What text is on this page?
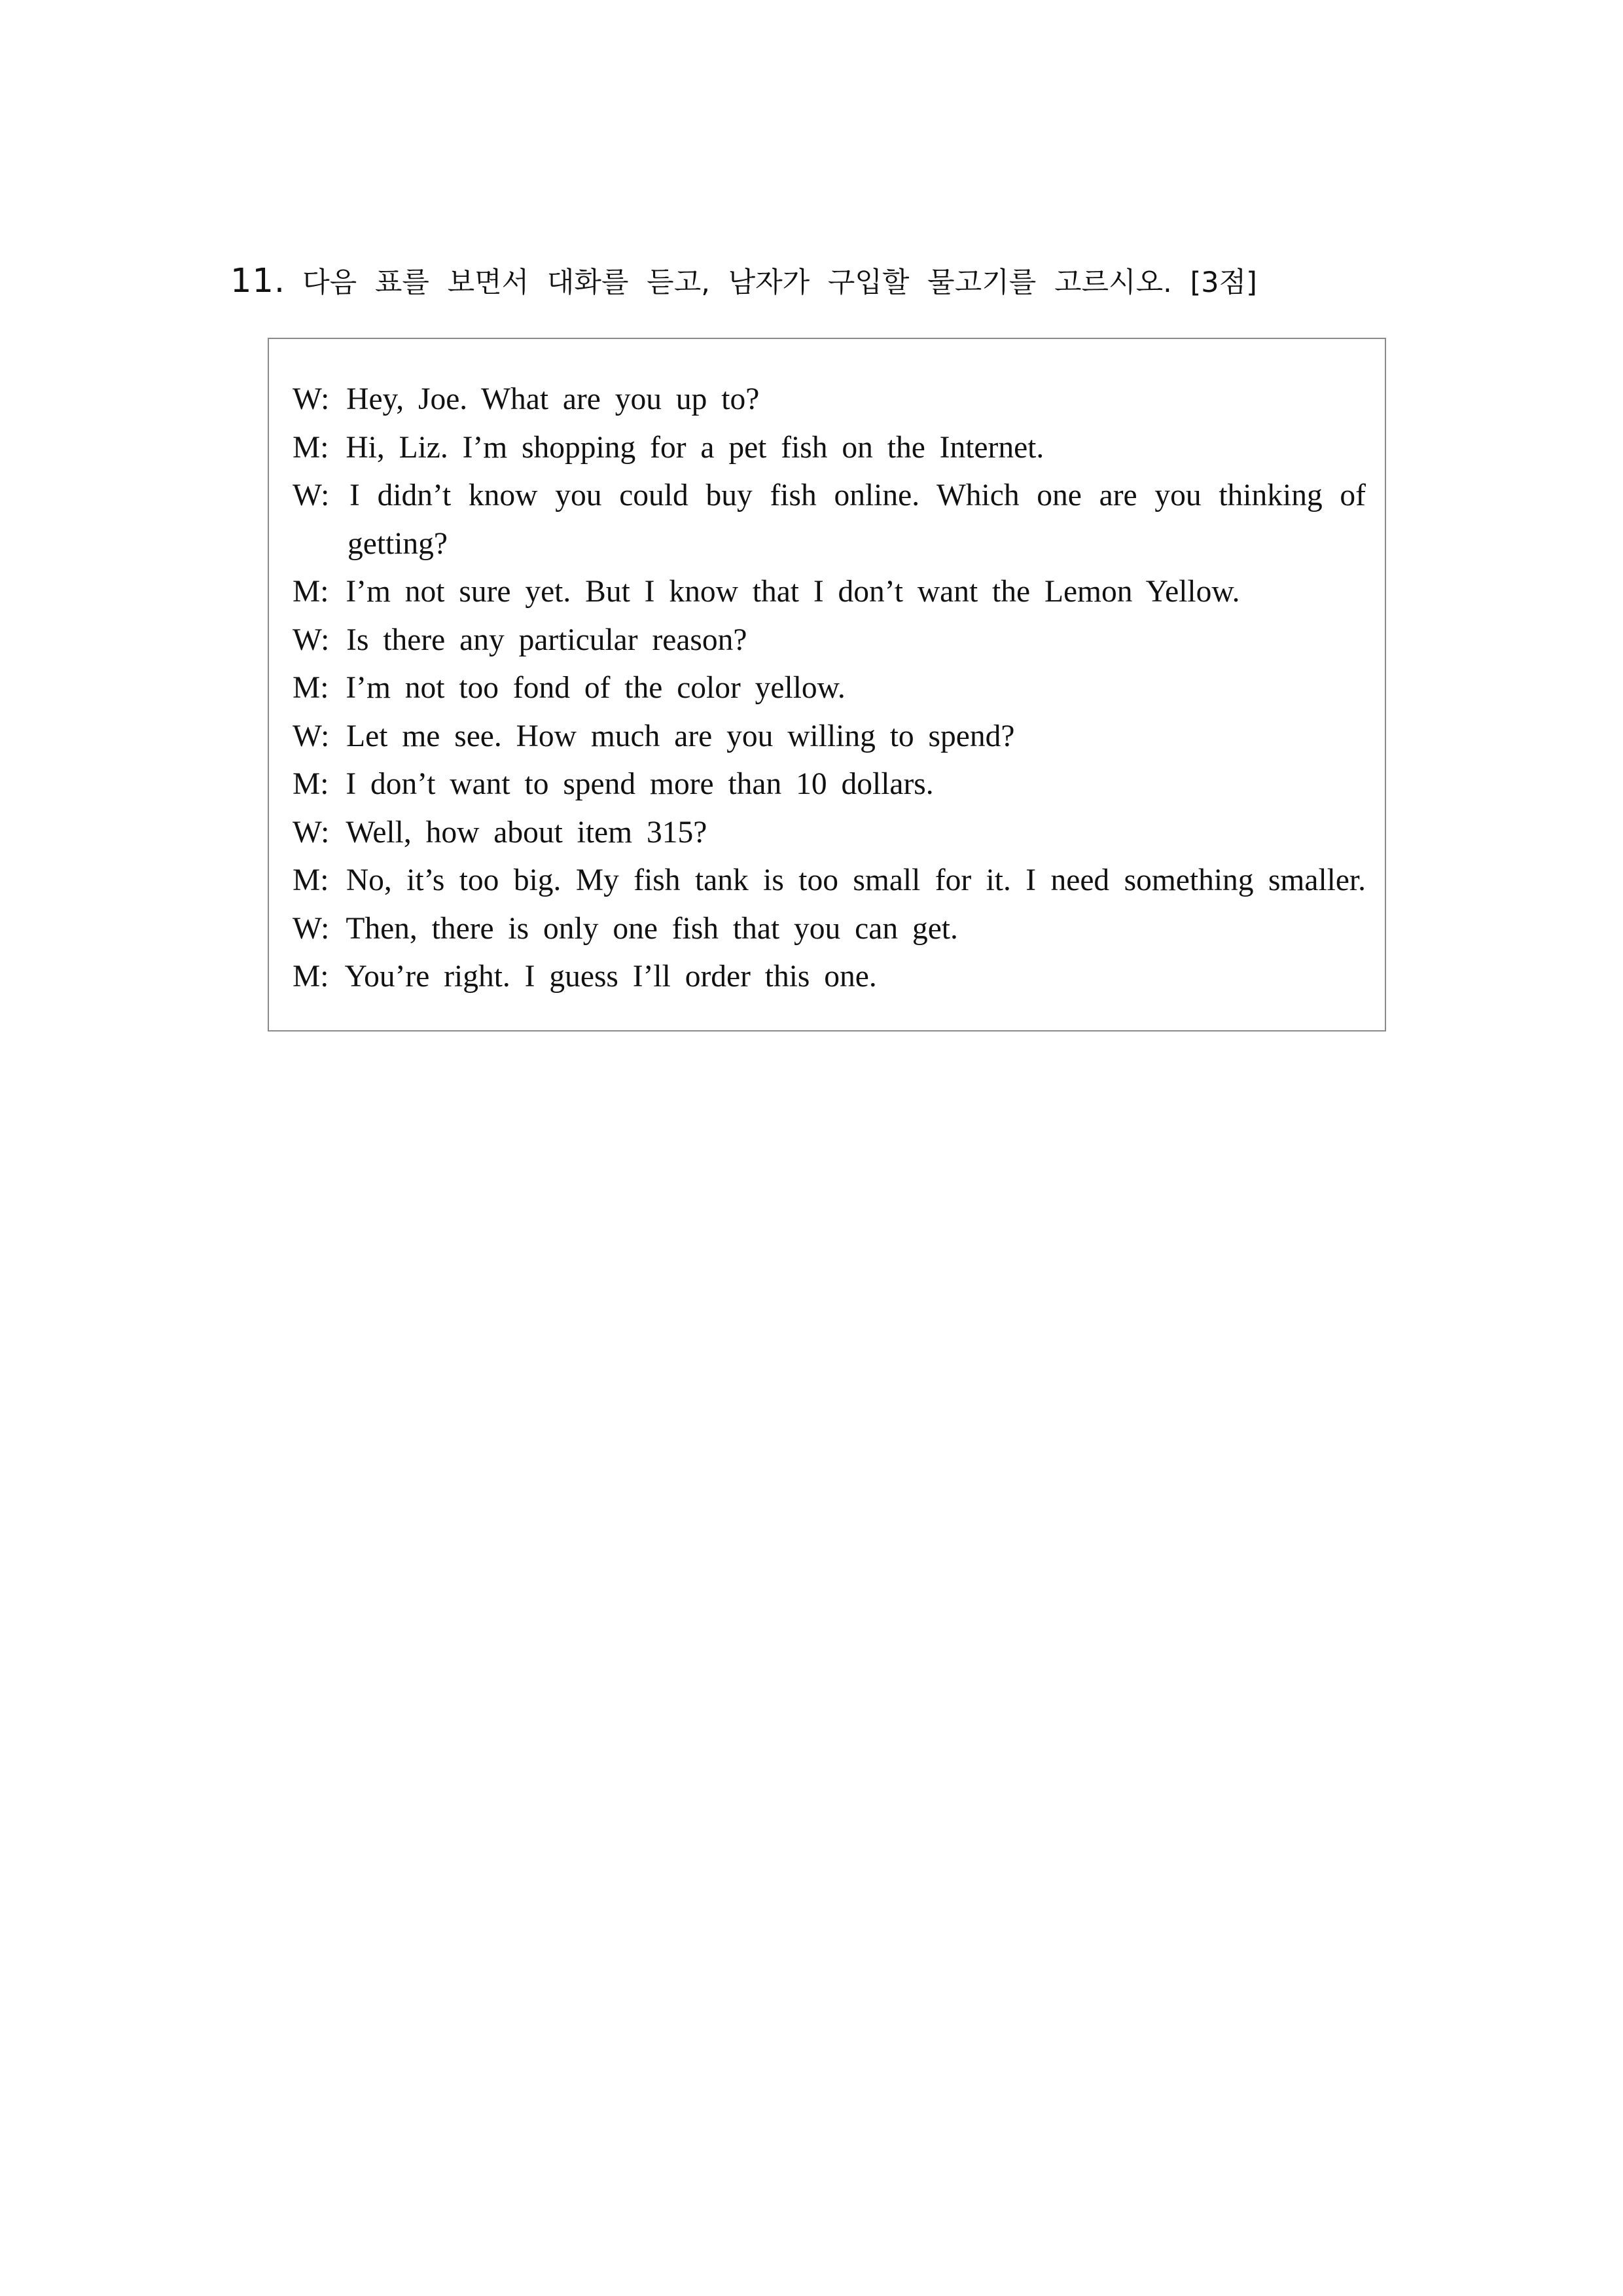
11. 다음 표를 보면서 대화를 듣고, 남자가 구입할 물고기를 고르시오. [3점]
W: Hey, Joe. What are you up to?
M: Hi, Liz. I’m shopping for a pet fish on the Internet.
W: I didn’t know you could buy fish online. Which one are you thinking of
getting?
M: I’m not sure yet. But I know that I don’t want the Lemon Yellow.
W: Is there any particular reason?
M: I’m not too fond of the color yellow.
W: Let me see. How much are you willing to spend?
M: I don’t want to spend more than 10 dollars.
W: Well, how about item 315?
M: No, it’s too big. My fish tank is too small for it. I need something smaller.
W: Then, there is only one fish that you can get.
M: You’re right. I guess I’ll order this one.
